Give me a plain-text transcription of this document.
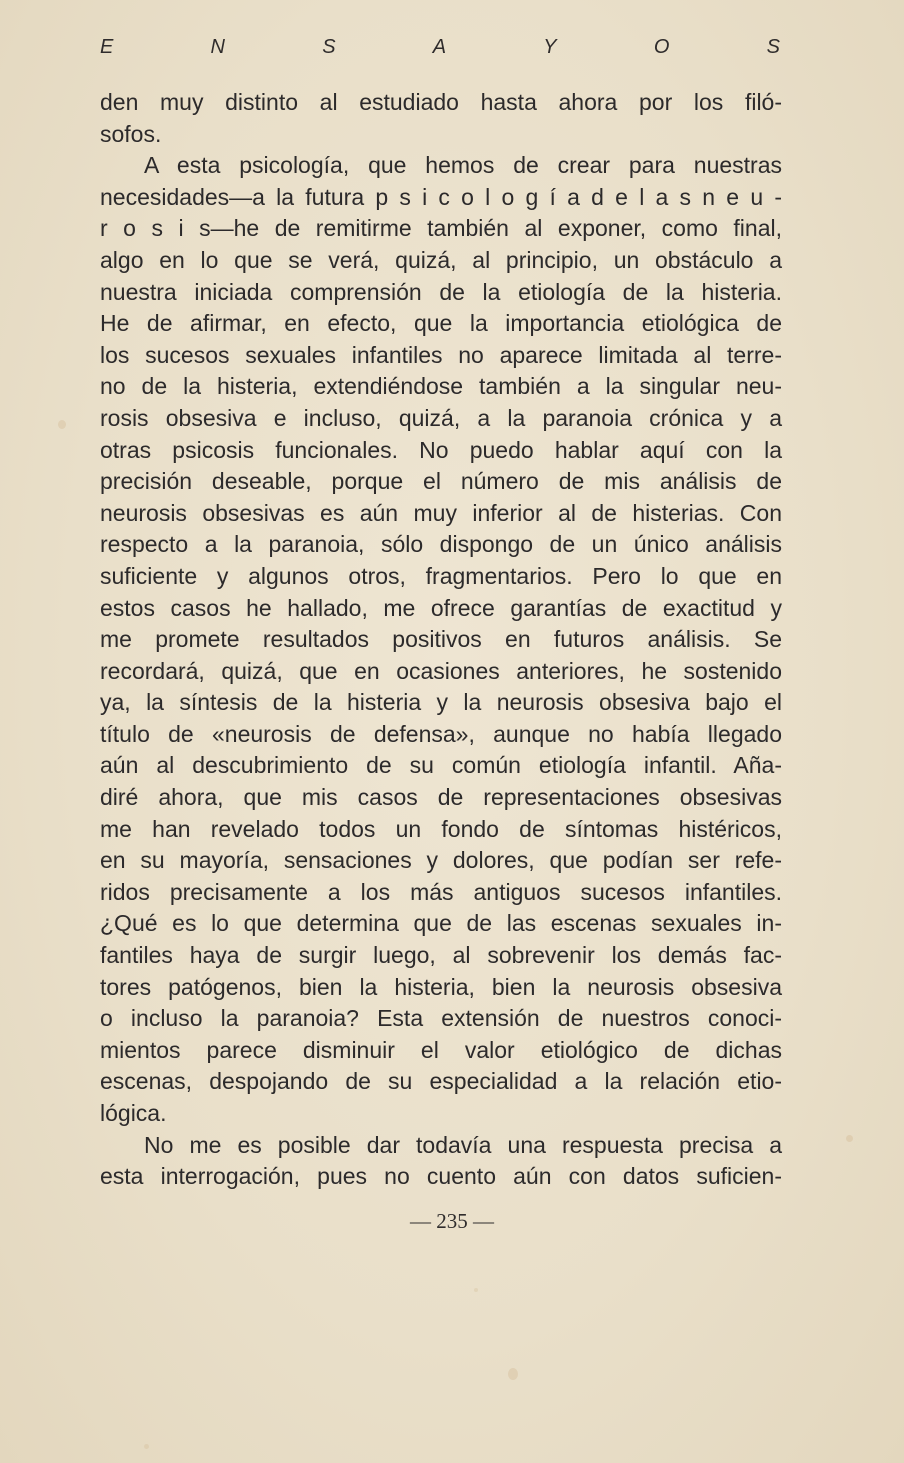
E	N	S	A	Y	O	S
den muy distinto al estudiado hasta ahora por los filó-
sofos.
A esta psicología, que hemos de crear para nuestras
necesidades—a la futura p s i c o l o g í a d e l a s n e u -
r o s i s—he de remitirme también al exponer, como final,
algo en lo que se verá, quizá, al principio, un obstáculo a
nuestra iniciada comprensión de la etiología de la histeria.
He de afirmar, en efecto, que la importancia etiológica de
los sucesos sexuales infantiles no aparece limitada al terre-
no de la histeria, extendiéndose también a la singular neu-
rosis obsesiva e incluso, quizá, a la paranoia crónica y a
otras psicosis funcionales. No puedo hablar aquí con la
precisión deseable, porque el número de mis análisis de
neurosis obsesivas es aún muy inferior al de histerias. Con
respecto a la paranoia, sólo dispongo de un único análisis
suficiente y algunos otros, fragmentarios. Pero lo que en
estos casos he hallado, me ofrece garantías de exactitud y
me promete resultados positivos en futuros análisis. Se
recordará, quizá, que en ocasiones anteriores, he sostenido
ya, la síntesis de la histeria y la neurosis obsesiva bajo el
título de «neurosis de defensa», aunque no había llegado
aún al descubrimiento de su común etiología infantil. Aña-
diré ahora, que mis casos de representaciones obsesivas
me han revelado todos un fondo de síntomas histéricos,
en su mayoría, sensaciones y dolores, que podían ser refe-
ridos precisamente a los más antiguos sucesos infantiles.
¿Qué es lo que determina que de las escenas sexuales in-
fantiles haya de surgir luego, al sobrevenir los demás fac-
tores patógenos, bien la histeria, bien la neurosis obsesiva
o incluso la paranoia? Esta extensión de nuestros conoci-
mientos parece disminuir el valor etiológico de dichas
escenas, despojando de su especialidad a la relación etio-
lógica.
No me es posible dar todavía una respuesta precisa a
esta interrogación, pues no cuento aún con datos suficien-
— 235 —
